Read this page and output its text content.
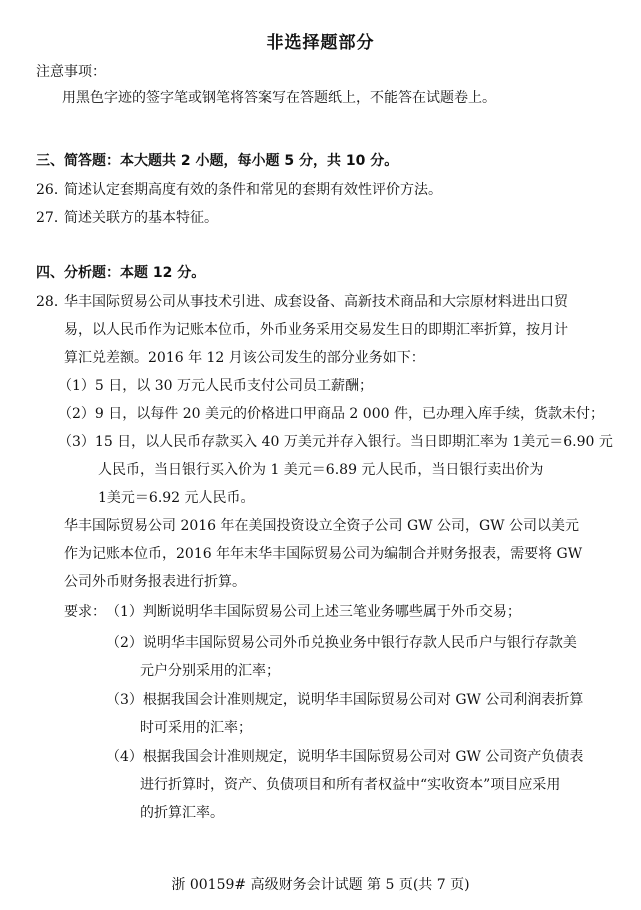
非选择题部分
注意事项：
用黑色字迹的签字笔或钢笔将答案写在答题纸上，不能答在试题卷上。
三、简答题：本大题共 2 小题，每小题 5 分，共 10 分。
26．
简述认定套期高度有效的条件和常见的套期有效性评价方法。
27．
简述关联方的基本特征。
四、分析题：本题 12 分。
28．
华丰国际贸易公司从事技术引进、成套设备、高新技术商品和大宗原材料进出口贸
易，以人民币作为记账本位币，外币业务采用交易发生日的即期汇率折算，按月计
算汇兑差额。2016 年 12 月该公司发生的部分业务如下：
（1）5 日，以 30 万元人民币支付公司员工薪酬；
（2）9 日，以每件 20 美元的价格进口甲商品 2 000 件，已办理入库手续，货款未付；
（3）15 日，以人民币存款买入 40 万美元并存入银行。当日即期汇率为 1美元＝6.90 元
人民币，当日银行买入价为 1 美元＝6.89 元人民币，当日银行卖出价为
1美元＝6.92 元人民币。
华丰国际贸易公司 2016 年在美国投资设立全资子公司 GW 公司，GW 公司以美元
作为记账本位币，2016 年年末华丰国际贸易公司为编制合并财务报表，需要将 GW
公司外币财务报表进行折算。
要求： （1）判断说明华丰国际贸易公司上述三笔业务哪些属于外币交易；
（2）说明华丰国际贸易公司外币兑换业务中银行存款人民币户与银行存款美
元户分别采用的汇率；
（3）根据我国会计准则规定，说明华丰国际贸易公司对 GW 公司利润表折算
时可采用的汇率；
（4）根据我国会计准则规定，说明华丰国际贸易公司对 GW 公司资产负债表
进行折算时，资产、负债项目和所有者权益中“实收资本”项目应采用
的折算汇率。
浙 00159# 高级财务会计试题 第 5 页(共 7 页)
